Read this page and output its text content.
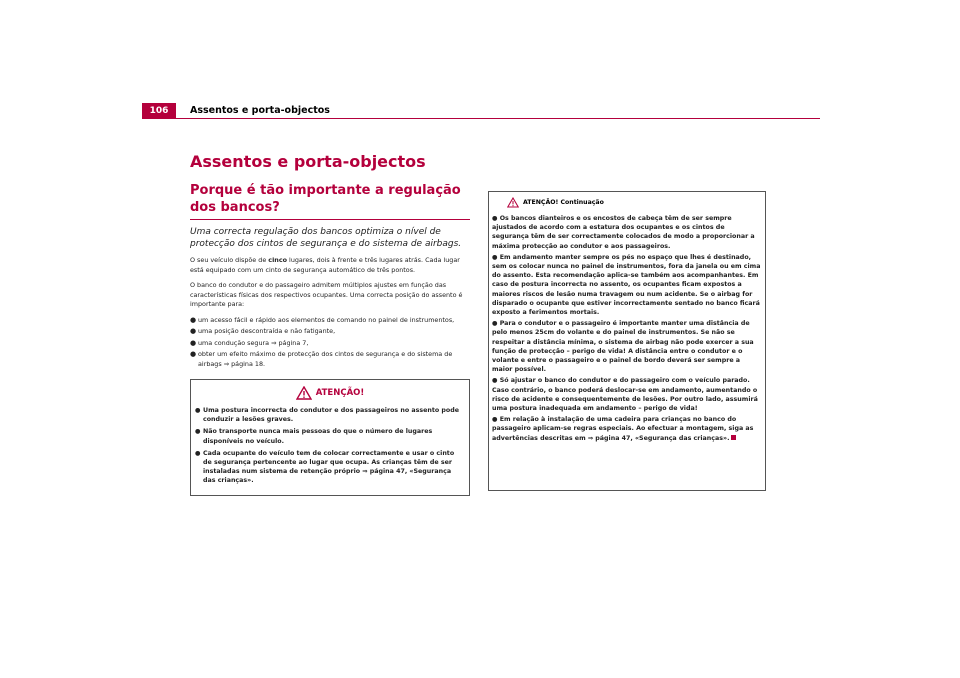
106	Assentos e porta-objectos
Assentos e porta-objectos
Porque é tão importante a regulação dos bancos?
Uma correcta regulação dos bancos optimiza o nível de protecção dos cintos de segurança e do sistema de airbags.
O seu veículo dispõe de cinco lugares, dois à frente e três lugares atrás. Cada lugar está equipado com um cinto de segurança automático de três pontos.
O banco do condutor e do passageiro admitem múltiplos ajustes em função das características físicas dos respectivos ocupantes. Uma correcta posição do assento é importante para:
● um acesso fácil e rápido aos elementos de comando no painel de instrumentos,
● uma posição descontraída e não fatigante,
● uma condução segura ⇒ página 7,
● obter um efeito máximo de protecção dos cintos de segurança e do sistema de airbags ⇒ página 18.
ATENÇÃO!
● Uma postura incorrecta do condutor e dos passageiros no assento pode conduzir a lesões graves.
● Não transporte nunca mais pessoas do que o número de lugares disponíveis no veículo.
● Cada ocupante do veículo tem de colocar correctamente e usar o cinto de segurança pertencente ao lugar que ocupa. As crianças têm de ser instaladas num sistema de retenção próprio ⇒ página 47, «Segurança das crianças».
ATENÇÃO! Continuação
● Os bancos dianteiros e os encostos de cabeça têm de ser sempre ajustados de acordo com a estatura dos ocupantes e os cintos de segurança têm de ser correctamente colocados de modo a proporcionar a máxima protecção ao condutor e aos passageiros.
● Em andamento manter sempre os pés no espaço que lhes é destinado, sem os colocar nunca no painel de instrumentos, fora da janela ou em cima do assento. Esta recomendação aplica-se também aos acompanhantes. Em caso de postura incorrecta no assento, os ocupantes ficam expostos a maiores riscos de lesão numa travagem ou num acidente. Se o airbag for disparado o ocupante que estiver incorrectamente sentado no banco ficará exposto a ferimentos mortais.
● Para o condutor e o passageiro é importante manter uma distância de pelo menos 25cm do volante e do painel de instrumentos. Se não se respeitar a distância mínima, o sistema de airbag não pode exercer a sua função de protecção – perigo de vida! A distância entre o condutor e o volante e entre o passageiro e o painel de bordo deverá ser sempre a maior possível.
● Só ajustar o banco do condutor e do passageiro com o veículo parado. Caso contrário, o banco poderá deslocar-se em andamento, aumentando o risco de acidente e consequentemente de lesões. Por outro lado, assumirá uma postura inadequada em andamento – perigo de vida!
● Em relação à instalação de uma cadeira para crianças no banco do passageiro aplicam-se regras especiais. Ao efectuar a montagem, siga as advertências descritas em ⇒ página 47, «Segurança das crianças».
